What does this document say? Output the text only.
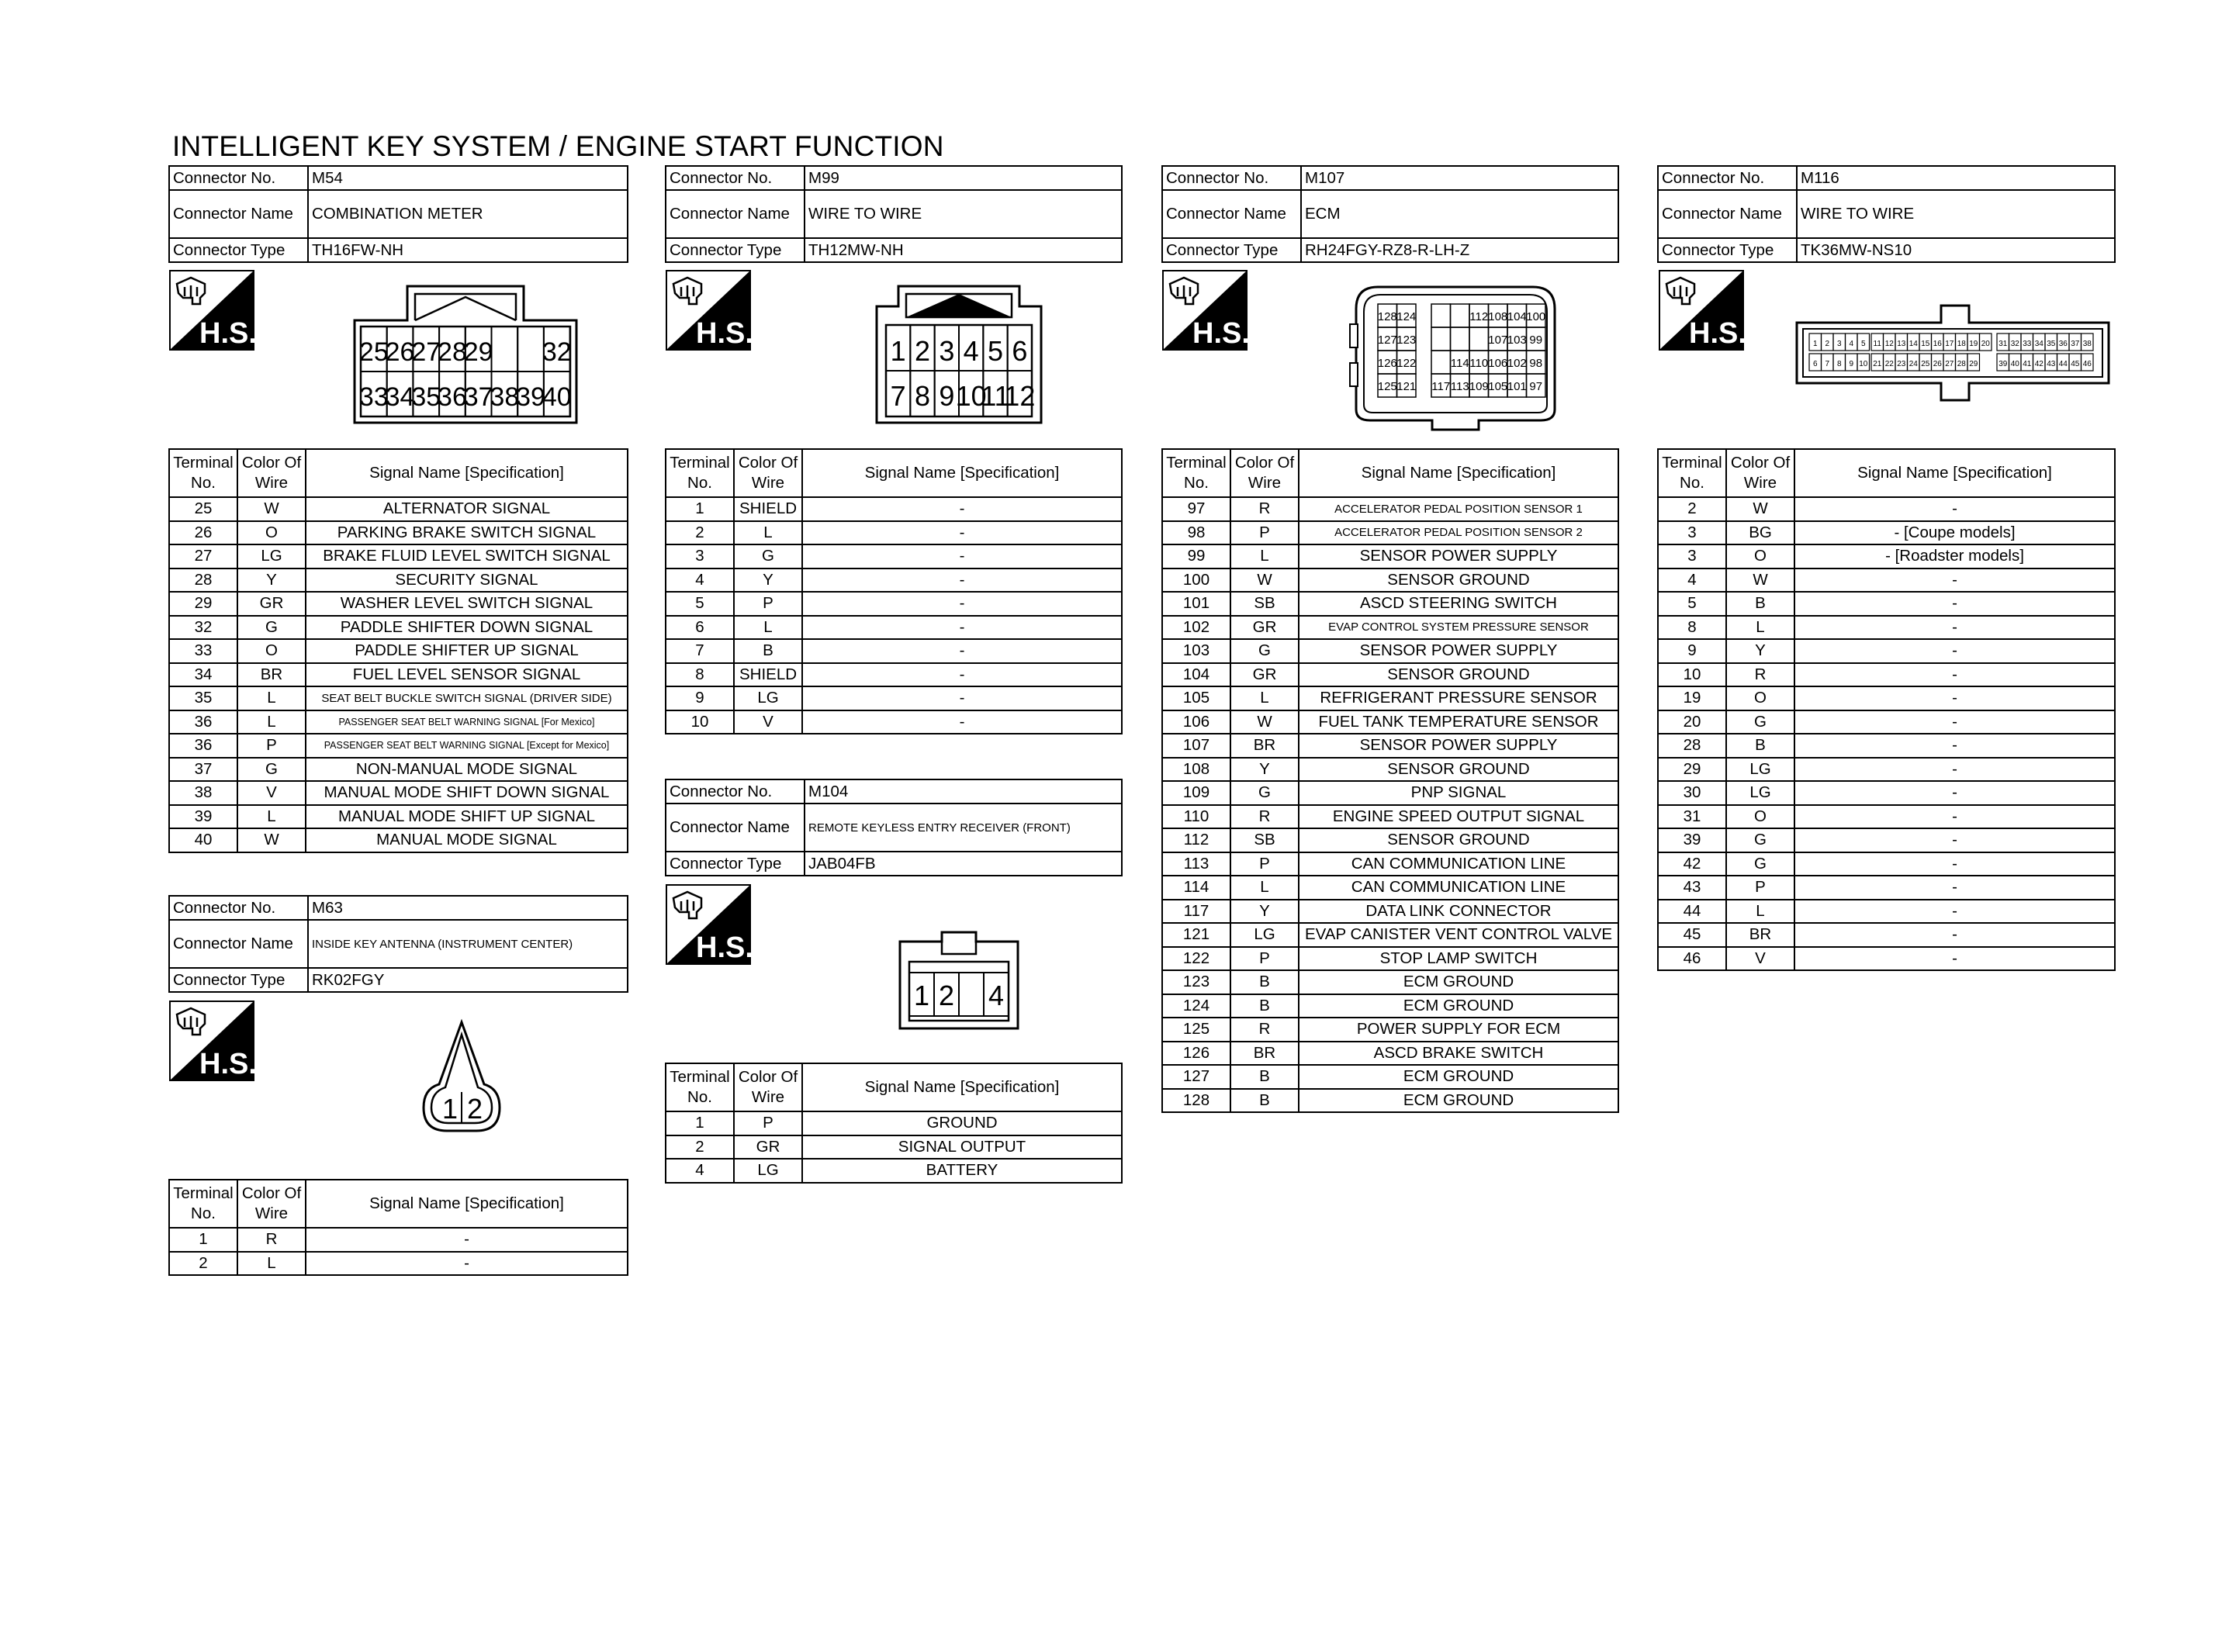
INTELLIGENT KEY SYSTEM / ENGINE START FUNCTION
Connector No.	M54
Connector Name	COMBINATION METER
Connector Type	TH16FW-NH
H.S.
25
26
27
28
29 32
33
34
35
36
37
38
39
40
Terminal No.	Color Of Wire	Signal Name [Specification]
25	W	ALTERNATOR SIGNAL
26	O	PARKING BRAKE SWITCH SIGNAL
27	LG	BRAKE FLUID LEVEL SWITCH SIGNAL
28	Y	SECURITY SIGNAL
29	GR	WASHER LEVEL SWITCH SIGNAL
32	G	PADDLE SHIFTER DOWN SIGNAL
33	O	PADDLE SHIFTER UP SIGNAL
34	BR	FUEL LEVEL SENSOR SIGNAL
35	L	SEAT BELT BUCKLE SWITCH SIGNAL (DRIVER SIDE)
36	L	PASSENGER SEAT BELT WARNING SIGNAL [For Mexico]
36	P	PASSENGER SEAT BELT WARNING SIGNAL [Except for Mexico]
37	G	NON-MANUAL MODE SIGNAL
38	V	MANUAL MODE SHIFT DOWN SIGNAL
39	L	MANUAL MODE SHIFT UP SIGNAL
40	W	MANUAL MODE SIGNAL
Connector No.	M63
Connector Name	INSIDE KEY ANTENNA (INSTRUMENT CENTER)
Connector Type	RK02FGY
H.S.
1 2
Terminal No.	Color Of Wire	Signal Name [Specification]
1	R	-
2	L	-
Connector No.	M99
Connector Name	WIRE TO WIRE
Connector Type	TH12MW-NH
H.S.
1 2 3 4 5 6
7 8 9 10
11
12
Terminal No.	Color Of Wire	Signal Name [Specification]
1	SHIELD	-
2	L	-
3	G	-
4	Y	-
5	P	-
6	L	-
7	B	-
8	SHIELD	-
9	LG	-
10	V	-
Connector No.	M104
Connector Name	REMOTE KEYLESS ENTRY RECEIVER (FRONT)
Connector Type	JAB04FB
H.S.
1 2 4
Terminal No.	Color Of Wire	Signal Name [Specification]
1	P	GROUND
2	GR	SIGNAL OUTPUT
4	LG	BATTERY
Connector No.	M107
Connector Name	ECM
Connector Type	RH24FGY-RZ8-R-LH-Z
H.S.
128 124	112 108 104 100
127 123	107 103 99
126 122	114 110 106 102 98
125 121 117 113 109 105 101 97
Terminal No.	Color Of Wire	Signal Name [Specification]
97	R	ACCELERATOR PEDAL POSITION SENSOR 1
98	P	ACCELERATOR PEDAL POSITION SENSOR 2
99	L	SENSOR POWER SUPPLY
100	W	SENSOR GROUND
101	SB	ASCD STEERING SWITCH
102	GR	EVAP CONTROL SYSTEM PRESSURE SENSOR
103	G	SENSOR POWER SUPPLY
104	GR	SENSOR GROUND
105	L	REFRIGERANT PRESSURE SENSOR
106	W	FUEL TANK TEMPERATURE SENSOR
107	BR	SENSOR POWER SUPPLY
108	Y	SENSOR GROUND
109	G	PNP SIGNAL
110	R	ENGINE SPEED OUTPUT SIGNAL
112	SB	SENSOR GROUND
113	P	CAN COMMUNICATION LINE
114	L	CAN COMMUNICATION LINE
117	Y	DATA LINK CONNECTOR
121	LG	EVAP CANISTER VENT CONTROL VALVE
122	P	STOP LAMP SWITCH
123	B	ECM GROUND
124	B	ECM GROUND
125	R	POWER SUPPLY FOR ECM
126	BR	ASCD BRAKE SWITCH
127	B	ECM GROUND
128	B	ECM GROUND
Connector No.	M116
Connector Name	WIRE TO WIRE
Connector Type	TK36MW-NS10
H.S.	1 2 3 4 5 11 12 13 14 15 16 17 18 19 20 31 32 33 34 35 36 37 38
6 7 8 9 10 21 22 23 24 25 26 27 28 29	39 40 41 42 43 44 45 46
Terminal No.	Color Of Wire	Signal Name [Specification]
2	W	-
3	BG	- [Coupe models]
3	O	- [Roadster models]
4	W	-
5	B	-
8	L	-
9	Y	-
10	R	-
19	O	-
20	G	-
28	B	-
29	LG	-
30	LG	-
31	O	-
39	G	-
42	G	-
43	P	-
44	L	-
45	BR	-
46	V	-
